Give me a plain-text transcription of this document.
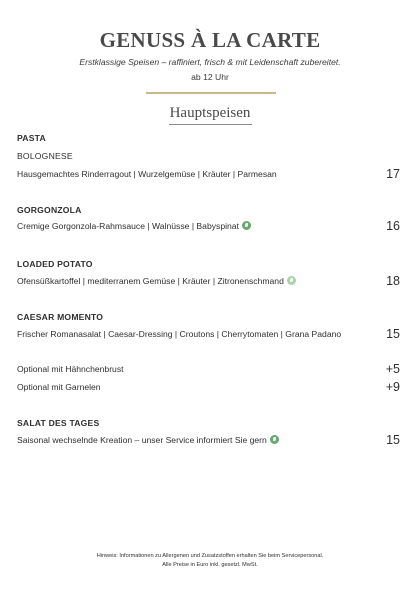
GENUSS À LA CARTE
Erstklassige Speisen – raffiniert, frisch & mit Leidenschaft zubereitet.
ab 12 Uhr
Hauptspeisen
PASTA
BOLOGNESE
Hausgemachtes Rinderragout | Wurzelgemüse | Kräuter | Parmesan	17
GORGONZOLA
Cremige Gorgonzola-Rahmsauce | Walnüsse | Babyspinat	16
LOADED POTATO
Ofensüßkartoffel | mediterranem Gemüse | Kräuter | Zitronenschmand	18
CAESAR MOMENTO
Frischer Romanasalat | Caesar-Dressing | Croutons | Cherrytomaten | Grana Padano	15
Optional mit Hähnchenbrust	+5
Optional mit Garnelen	+9
SALAT DES TAGES
Saisonal wechselnde Kreation – unser Service informiert Sie gern	15
Hinweis: Informationen zu Allergenen und Zusatzstoffen erhalten Sie beim Servicepersonal.
Alle Preise in Euro inkl. gesetzl. MwSt.
